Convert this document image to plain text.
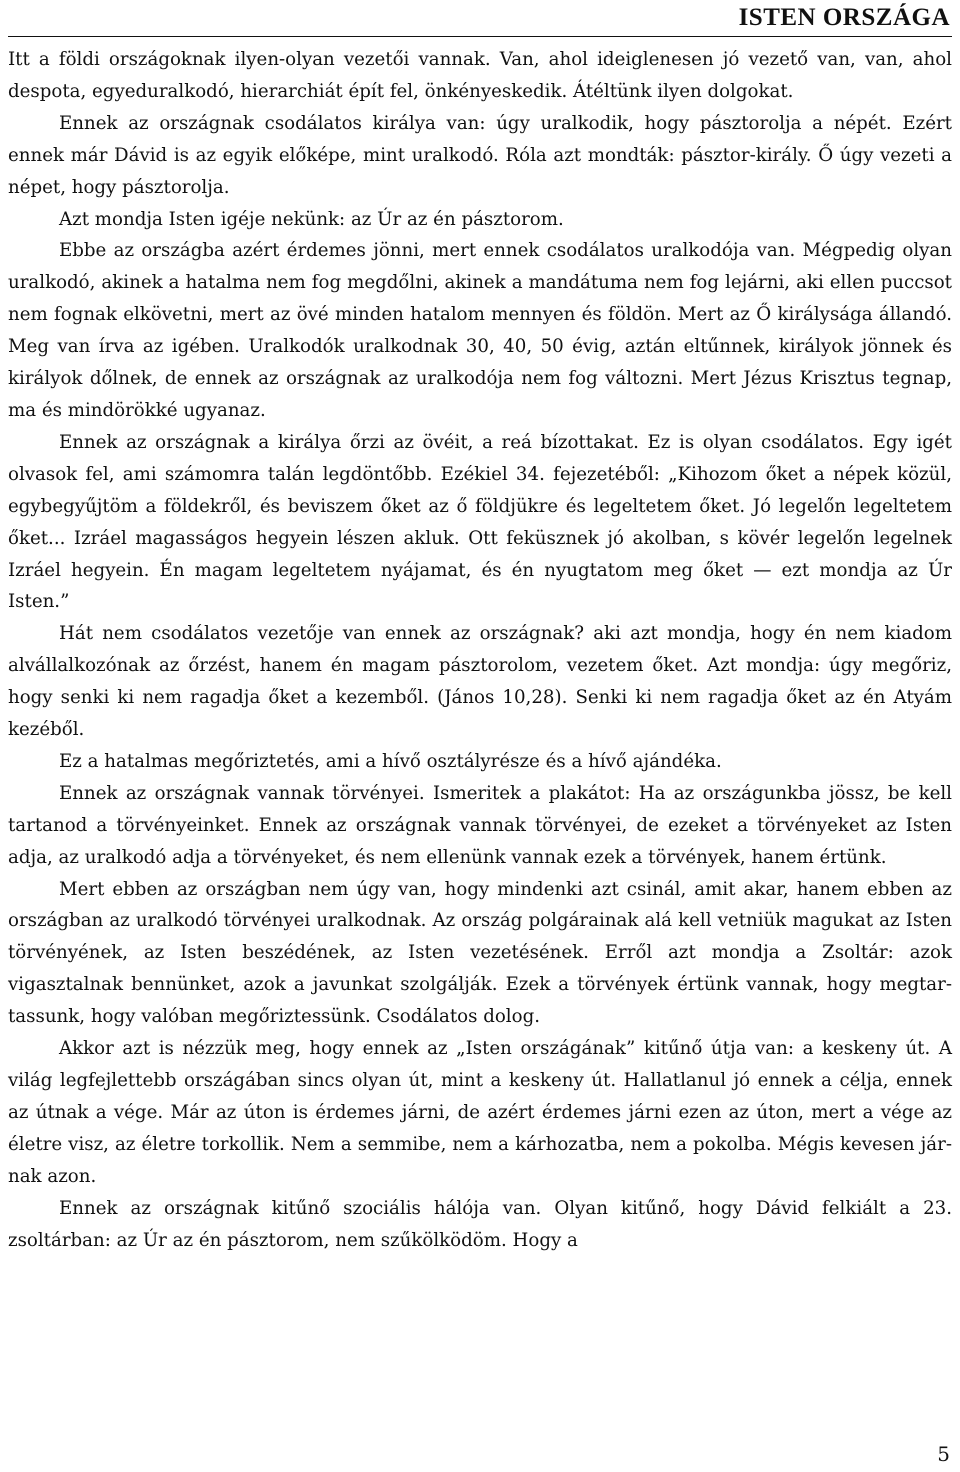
ISTEN ORSZÁGA

Itt a földi országoknak ilyen-olyan vezetői vannak. Van, ahol ideiglenesen jó vezető van, van, ahol despota, egyeduralkodó, hierarchiát épít fel, önkényeskedik. Átéltünk ilyen dolgokat.

Ennek az országnak csodálatos királya van: úgy uralkodik, hogy pásztorolja a népét. Ezért ennek már Dávid is az egyik előképe, mint uralkodó. Róla azt mondták: pásztor-király. Ő úgy vezeti a népet, hogy pásztorolja.

Azt mondja Isten igéje nekünk: az Úr az én pásztorom.

Ebbe az országba azért érdemes jönni, mert ennek csodálatos uralkodója van. Mégpedig olyan uralkodó, akinek a hatalma nem fog megdőlni, akinek a mandátuma nem fog lejárni, aki ellen puccsot nem fognak elkövetni, mert az övé minden hatalom mennyen és földön. Mert az Ő királysága állandó. Meg van írva az igében. Uralkodók uralkodnak 30, 40, 50 évig, aztán eltűnnek, királyok jönnek és királyok dőlnek, de ennek az országnak az uralkodója nem fog változni. Mert Jézus Krisztus tegnap, ma és mindörökké ugyanaz.

Ennek az országnak a királya őrzi az övéit, a reá bízottakat. Ez is olyan csodálatos. Egy igét olvasok fel, ami számomra talán legdöntőbb. Ezékiel 34. fejezetéből: „Kihozom őket a népek közül, egybegyűjtöm a földekről, és beviszem őket az ő földjükre és legeltetem őket. Jó legelőn legeltetem őket... Izráel magasságos hegyein lészen akluk. Ott feküsznek jó akolban, s kövér legelőn legelnek Izráel hegyein. Én magam legeltetem nyájamat, és én nyugtatom meg őket — ezt mondja az Úr Isten.”

Hát nem csodálatos vezetője van ennek az országnak? aki azt mondja, hogy én nem kiadom alvállalkozónak az őrzést, hanem én magam pásztorolom, vezetem őket. Azt mondja: úgy megőriz, hogy senki ki nem ragadja őket a kezemből. (János 10,28). Senki ki nem ragadja őket az én Atyám kezéből.

Ez a hatalmas megőriztetés, ami a hívő osztályrésze és a hívő ajándéka.

Ennek az országnak vannak törvényei. Ismeritek a plakátot: Ha az országunkba jössz, be kell tartanod a törvényeinket. Ennek az országnak vannak törvényei, de ezeket a törvényeket az Isten adja, az uralkodó adja a törvényeket, és nem ellenünk vannak ezek a törvények, hanem értünk.

Mert ebben az országban nem úgy van, hogy mindenki azt csinál, amit akar, hanem ebben az országban az uralkodó törvényei uralkodnak. Az ország polgárainak alá kell vetniük magukat az Isten törvényének, az Isten beszédének, az Isten vezetésének. Erről azt mondja a Zsoltár: azok vigasztalnak bennünket, azok a javunkat szolgálják. Ezek a törvények értünk vannak, hogy megtartassunk, hogy valóban megőriztessünk. Csodálatos dolog.

Akkor azt is nézzük meg, hogy ennek az „Isten országának” kitűnő útja van: a keskeny út. A világ legfejlettebb országában sincs olyan út, mint a keskeny út. Hallatlanul jó ennek a célja, ennek az útnak a vége. Már az úton is érdemes járni, de azért érdemes járni ezen az úton, mert a vége az életre visz, az életre torkollik. Nem a semmibe, nem a kárhozatba, nem a pokolba. Mégis kevesen járnak azon.

Ennek az országnak kitűnő szociális hálója van. Olyan kitűnő, hogy Dávid felkiált a 23. zsoltárban: az Úr az én pásztorom, nem szűkölködöm. Hogy a

5
